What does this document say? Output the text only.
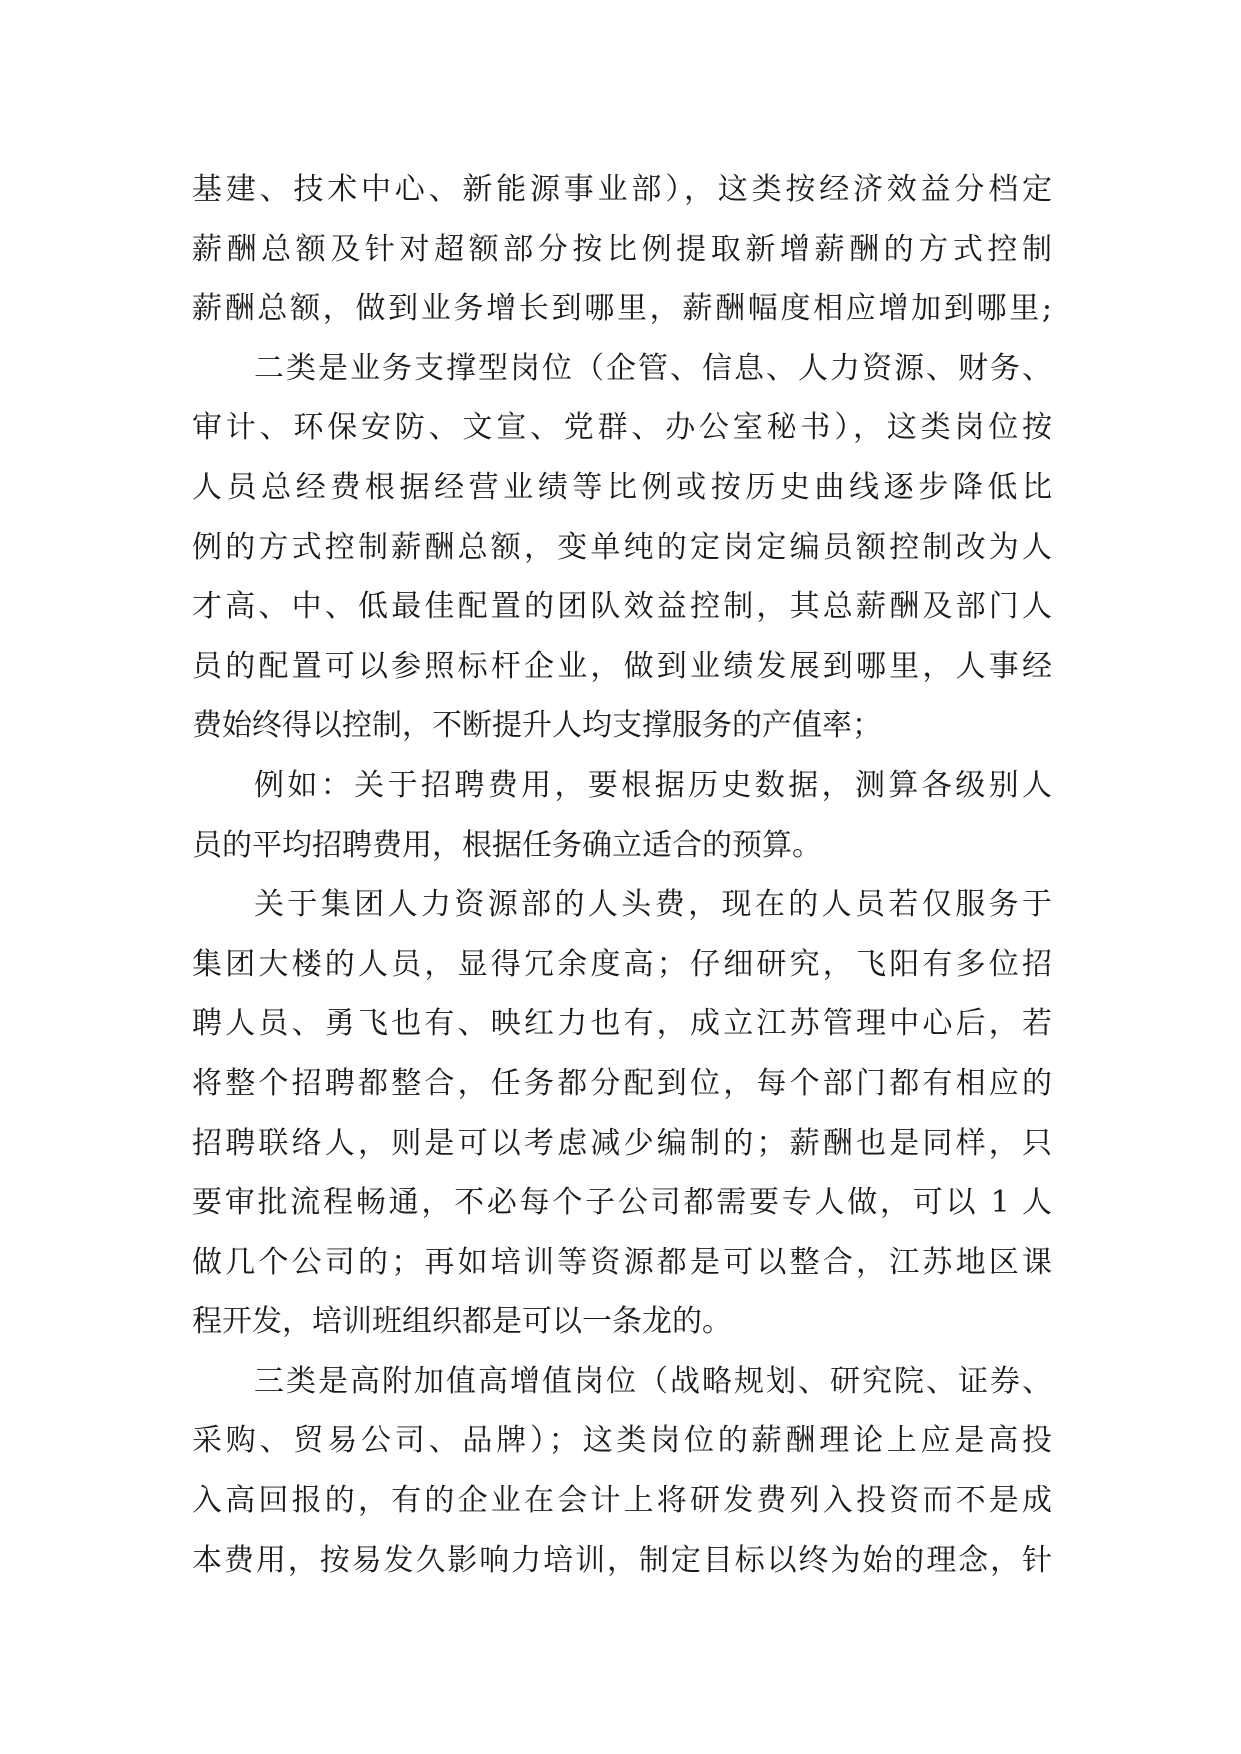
基建、技术中心、新能源事业部），这类按经济效益分档定
薪酬总额及针对超额部分按比例提取新增薪酬的方式控制
薪酬总额，做到业务增长到哪里，薪酬幅度相应增加到哪里;
二类是业务支撑型岗位（企管、信息、人力资源、财务、
审计、环保安防、文宣、党群、办公室秘书），这类岗位按
人员总经费根据经营业绩等比例或按历史曲线逐步降低比
例的方式控制薪酬总额，变单纯的定岗定编员额控制改为人
才高、中、低最佳配置的团队效益控制，其总薪酬及部门人
员的配置可以参照标杆企业，做到业绩发展到哪里，人事经
费始终得以控制，不断提升人均支撑服务的产值率；
例如：关于招聘费用，要根据历史数据，测算各级别人
员的平均招聘费用，根据任务确立适合的预算。
关于集团人力资源部的人头费，现在的人员若仅服务于
集团大楼的人员，显得冗余度高；仔细研究，飞阳有多位招
聘人员、勇飞也有、映红力也有，成立江苏管理中心后，若
将整个招聘都整合，任务都分配到位，每个部门都有相应的
招聘联络人，则是可以考虑减少编制的；薪酬也是同样，只
要审批流程畅通，不必每个子公司都需要专人做，可以 1 人
做几个公司的；再如培训等资源都是可以整合，江苏地区课
程开发，培训班组织都是可以一条龙的。
三类是高附加值高增值岗位（战略规划、研究院、证券、
采购、贸易公司、品牌）；这类岗位的薪酬理论上应是高投
入高回报的，有的企业在会计上将研发费列入投资而不是成
本费用，按易发久影响力培训，制定目标以终为始的理念，针
